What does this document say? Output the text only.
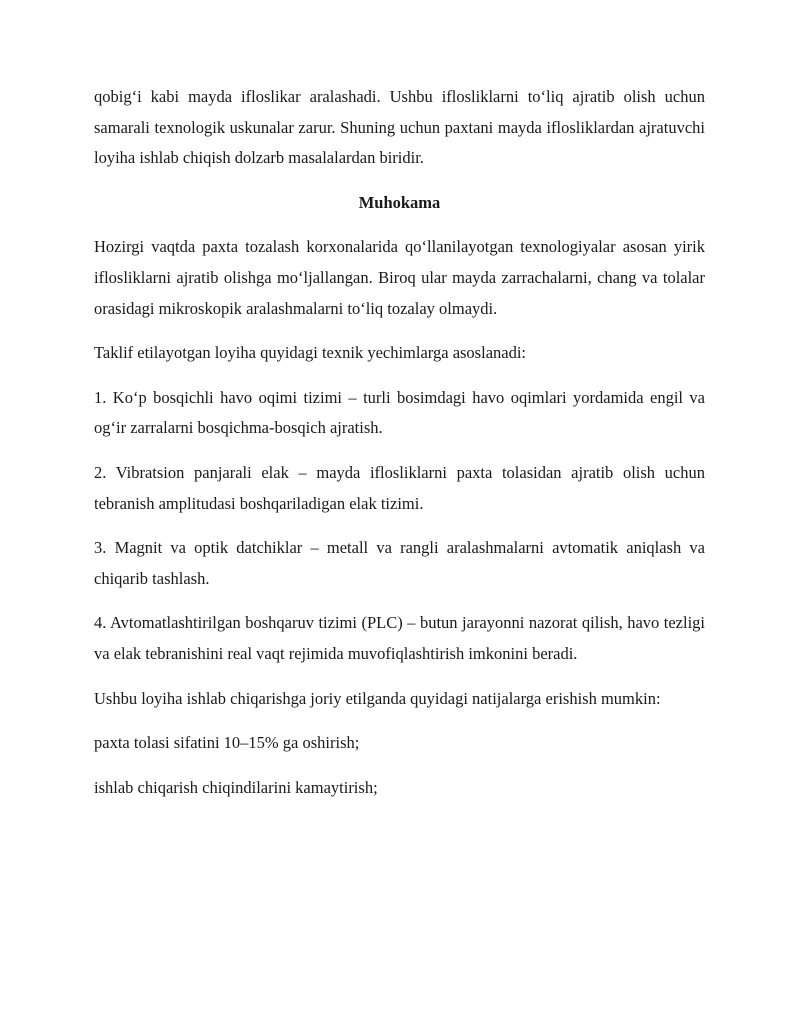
qobig‘i kabi mayda ifloslikar aralashadi. Ushbu iflosliklarni to‘liq ajratib olish uchun samarali texnologik uskunalar zarur. Shuning uchun paxtani mayda iflosliklardan ajratuvchi loyiha ishlab chiqish dolzarb masalalardan biridir.

Muhokama

Hozirgi vaqtda paxta tozalash korxonalarida qo‘llanilayotgan texnologiyalar asosan yirik iflosliklarni ajratib olishga mo‘ljallangan. Biroq ular mayda zarrachalarni, chang va tolalar orasidagi mikroskopik aralashmalarni to‘liq tozalay olmaydi.

Taklif etilayotgan loyiha quyidagi texnik yechimlarga asoslanadi:

1. Ko‘p bosqichli havo oqimi tizimi – turli bosimdagi havo oqimlari yordamida engil va og‘ir zarralarni bosqichma-bosqich ajratish.

2. Vibratsion panjarali elak – mayda iflosliklarni paxta tolasidan ajratib olish uchun tebranish amplitudasi boshqariladigan elak tizimi.

3. Magnit va optik datchiklar – metall va rangli aralashmalarni avtomatik aniqlash va chiqarib tashlash.

4. Avtomatlashtirilgan boshqaruv tizimi (PLC) – butun jarayonni nazorat qilish, havo tezligi va elak tebranishini real vaqt rejimida muvofiqlashtirish imkonini beradi.

Ushbu loyiha ishlab chiqarishga joriy etilganda quyidagi natijalarga erishish mumkin:

paxta tolasi sifatini 10–15% ga oshirish;

ishlab chiqarish chiqindilarini kamaytirish;
